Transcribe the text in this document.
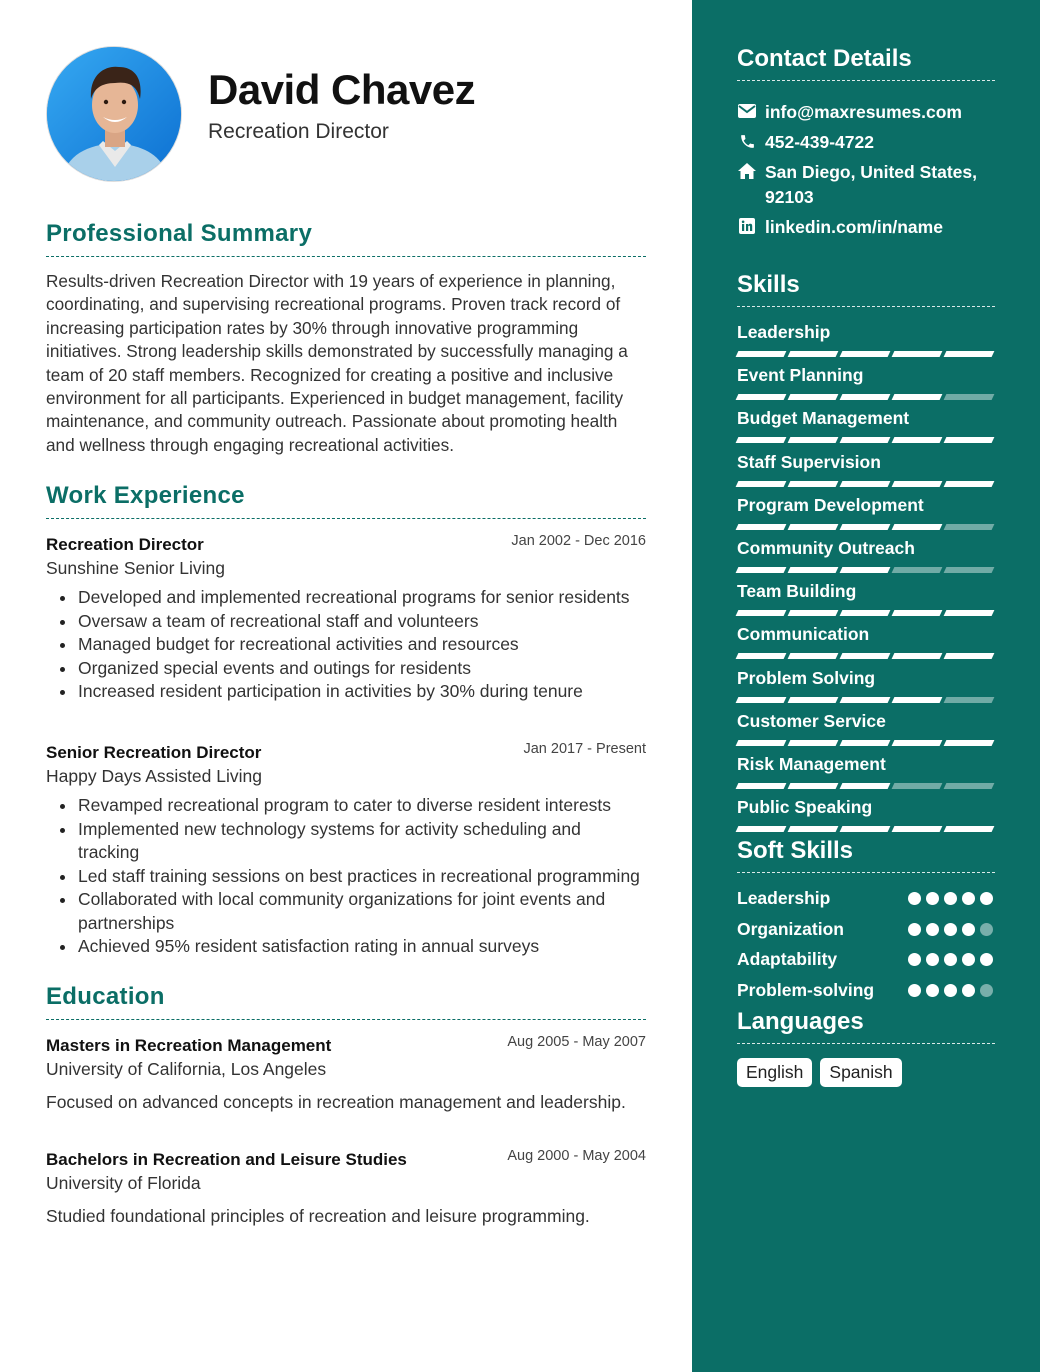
David Chavez
Recreation Director
Professional Summary
Results-driven Recreation Director with 19 years of experience in planning, coordinating, and supervising recreational programs. Proven track record of increasing participation rates by 30% through innovative programming initiatives. Strong leadership skills demonstrated by successfully managing a team of 20 staff members. Recognized for creating a positive and inclusive environment for all participants. Experienced in budget management, facility maintenance, and community outreach. Passionate about promoting health and wellness through engaging recreational activities.
Work Experience
Recreation Director	Jan 2002 - Dec 2016
Sunshine Senior Living
Developed and implemented recreational programs for senior residents
Oversaw a team of recreational staff and volunteers
Managed budget for recreational activities and resources
Organized special events and outings for residents
Increased resident participation in activities by 30% during tenure
Senior Recreation Director	Jan 2017 - Present
Happy Days Assisted Living
Revamped recreational program to cater to diverse resident interests
Implemented new technology systems for activity scheduling and tracking
Led staff training sessions on best practices in recreational programming
Collaborated with local community organizations for joint events and partnerships
Achieved 95% resident satisfaction rating in annual surveys
Education
Masters in Recreation Management	Aug 2005 - May 2007
University of California, Los Angeles
Focused on advanced concepts in recreation management and leadership.
Bachelors in Recreation and Leisure Studies	Aug 2000 - May 2004
University of Florida
Studied foundational principles of recreation and leisure programming.
Contact Details
info@maxresumes.com
452-439-4722
San Diego, United States, 92103
linkedin.com/in/name
Skills
Leadership
Event Planning
Budget Management
Staff Supervision
Program Development
Community Outreach
Team Building
Communication
Problem Solving
Customer Service
Risk Management
Public Speaking
Soft Skills
Leadership
Organization
Adaptability
Problem-solving
Languages
English	Spanish
